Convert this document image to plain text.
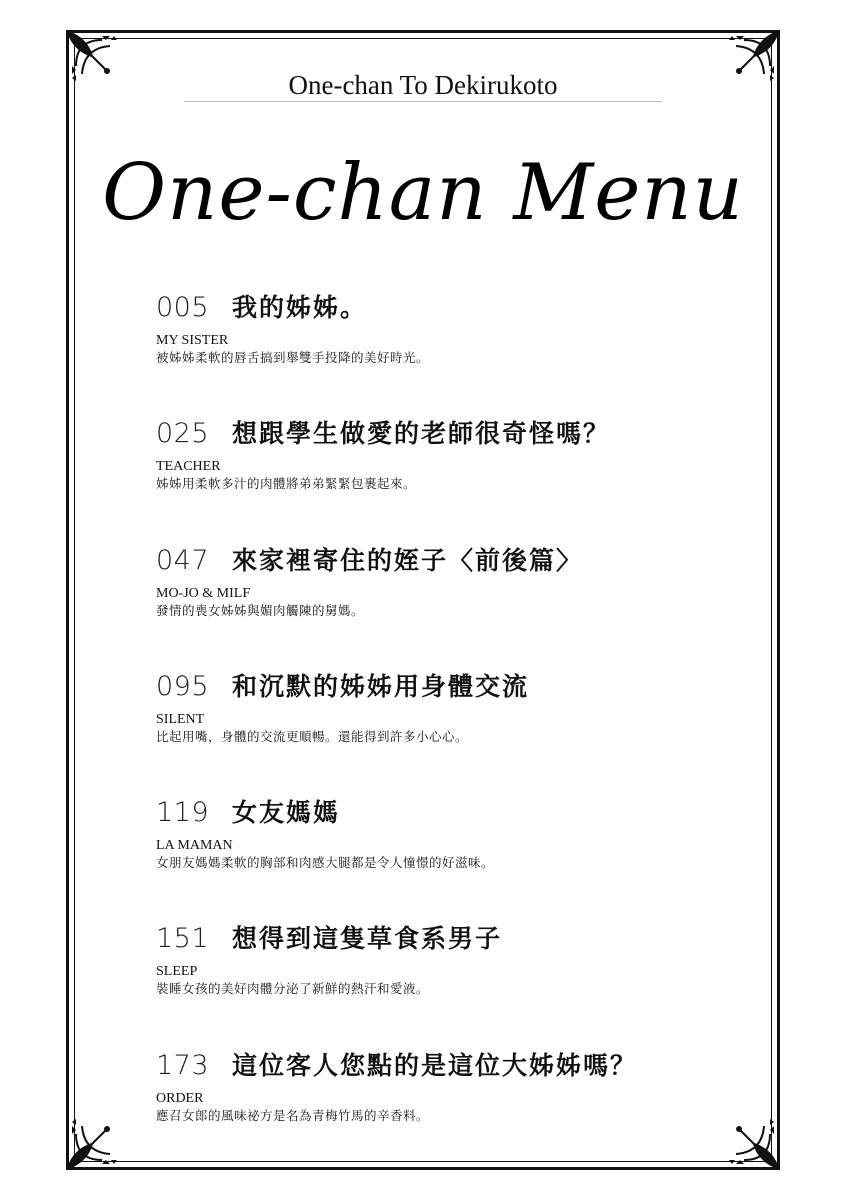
One-chan To Dekirukoto
One-chan Menu
005 我的姊姊。
MY SISTER
被姊姊柔軟的唇舌搞到舉雙手投降的美好時光。
025 想跟學生做愛的老師很奇怪嗎？
TEACHER
姊姊用柔軟多汁的肉體將弟弟緊緊包裹起來。
047 來家裡寄住的姪子〈前後篇〉
MO-JO & MILF
發情的喪女姊姊與媚肉觸陳的舅媽。
095 和沉默的姊姊用身體交流
SILENT
比起用嘴，身體的交流更順暢。還能得到許多小心心。
119 女友媽媽
LA MAMAN
女朋友媽媽柔軟的胸部和肉感大腿都是令人憧憬的好滋味。
151 想得到這隻草食系男子
SLEEP
裝睡女孩的美好肉體分泌了新鮮的熱汗和愛液。
173 這位客人您點的是這位大姊姊嗎？
ORDER
應召女郎的風味祕方是名為青梅竹馬的辛香料。
